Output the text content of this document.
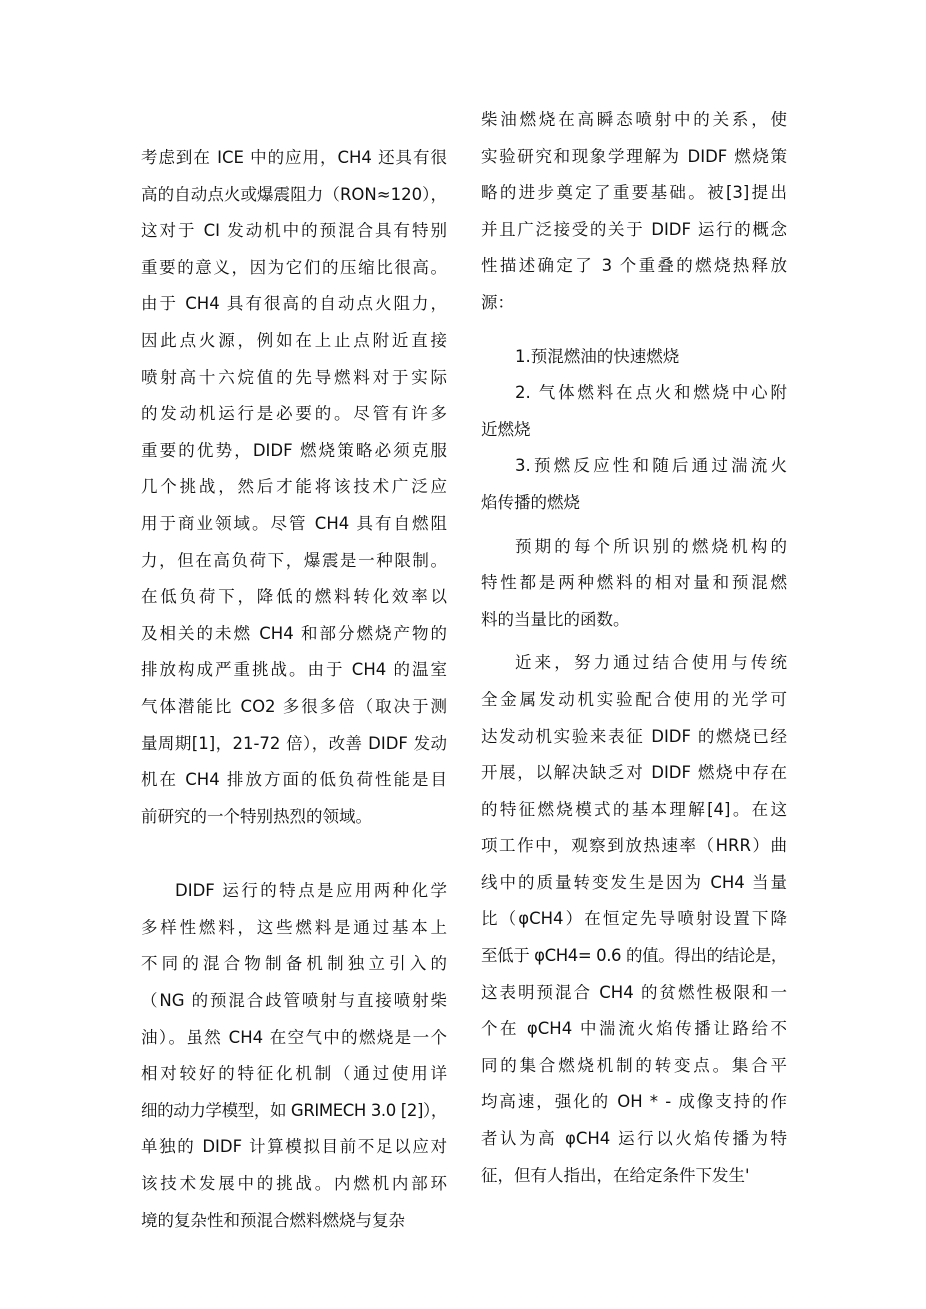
考虑到在 ICE 中的应用，CH4 还具有很
高的自动点火或爆震阻力（RON≈120），
这对于 CI 发动机中的预混合具有特别
重要的意义，因为它们的压缩比很高。
由于 CH4 具有很高的自动点火阻力，
因此点火源，例如在上止点附近直接
喷射高十六烷值的先导燃料对于实际
的发动机运行是必要的。尽管有许多
重要的优势，DIDF 燃烧策略必须克服
几个挑战，然后才能将该技术广泛应
用于商业领域。尽管 CH4 具有自燃阻
力，但在高负荷下，爆震是一种限制。
在低负荷下，降低的燃料转化效率以
及相关的未燃 CH4 和部分燃烧产物的
排放构成严重挑战。由于 CH4 的温室
气体潜能比 CO2 多很多倍（取决于测
量周期[1]，21-72 倍），改善 DIDF 发动
机在 CH4 排放方面的低负荷性能是目
前研究的一个特别热烈的领域。
DIDF 运行的特点是应用两种化学
多样性燃料，这些燃料是通过基本上
不同的混合物制备机制独立引入的
（NG 的预混合歧管喷射与直接喷射柴
油）。虽然 CH4 在空气中的燃烧是一个
相对较好的特征化机制（通过使用详
细的动力学模型，如 GRIMECH 3.0 [2]），
单独的 DIDF 计算模拟目前不足以应对
该技术发展中的挑战。内燃机内部环
境的复杂性和预混合燃料燃烧与复杂
柴油燃烧在高瞬态喷射中的关系，使
实验研究和现象学理解为 DIDF 燃烧策
略的进步奠定了重要基础。被[3]提出
并且广泛接受的关于 DIDF 运行的概念
性描述确定了 3 个重叠的燃烧热释放
源：
1.预混燃油的快速燃烧
2. 气体燃料在点火和燃烧中心附
近燃烧
3.预燃反应性和随后通过湍流火
焰传播的燃烧
预期的每个所识别的燃烧机构的
特性都是两种燃料的相对量和预混燃
料的当量比的函数。
近来，努力通过结合使用与传统
全金属发动机实验配合使用的光学可
达发动机实验来表征 DIDF 的燃烧已经
开展，以解决缺乏对 DIDF 燃烧中存在
的特征燃烧模式的基本理解[4]。在这
项工作中，观察到放热速率（HRR）曲
线中的质量转变发生是因为 CH4 当量
比（φCH4）在恒定先导喷射设置下降
至低于 φCH4= 0.6 的值。得出的结论是，
这表明预混合 CH4 的贫燃性极限和一
个在 φCH4 中湍流火焰传播让路给不
同的集合燃烧机制的转变点。集合平
均高速，强化的 OH * - 成像支持的作
者认为高 φCH4 运行以火焰传播为特
征，但有人指出，在给定条件下发生'
